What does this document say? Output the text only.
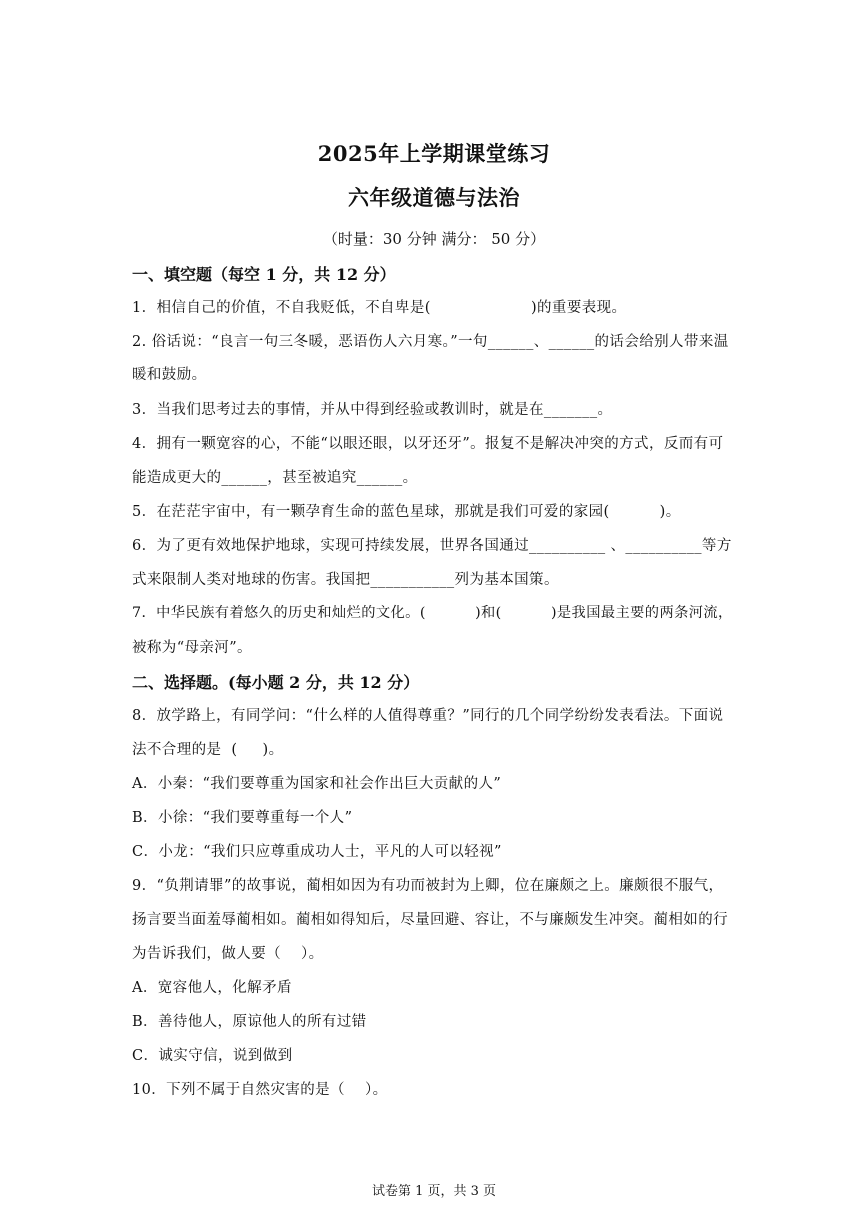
2025年上学期课堂练习
六年级道德与法治
（时量：30 分钟 满分： 50 分）
一、填空题（每空 1 分，共 12 分）
1．相信自己的价值，不自我贬低，不自卑是(                    )的重要表现。
2. 俗话说：“良言一句三冬暖，恶语伤人六月寒。”一句______、______的话会给别人带来温
暖和鼓励。
3．当我们思考过去的事情，并从中得到经验或教训时，就是在_______。
4．拥有一颗宽容的心，不能“以眼还眼，以牙还牙”。报复不是解决冲突的方式，反而有可
能造成更大的______，甚至被追究______。
5．在茫茫宇宙中，有一颗孕育生命的蓝色星球，那就是我们可爱的家园(          )。
6．为了更有效地保护地球，实现可持续发展，世界各国通过__________ 、__________等方
式来限制人类对地球的伤害。我国把___________列为基本国策。
7．中华民族有着悠久的历史和灿烂的文化。(          )和(          )是我国最主要的两条河流，
被称为“母亲河”。
二、选择题。(每小题 2 分，共 12 分）
8．放学路上，有同学问：“什么样的人值得尊重？”同行的几个同学纷纷发表看法。下面说
法不合理的是  (     )。
A．小秦：“我们要尊重为国家和社会作出巨大贡献的人”
B．小徐：“我们要尊重每一个人”
C．小龙：“我们只应尊重成功人士，平凡的人可以轻视”
9．“负荆请罪”的故事说，蔺相如因为有功而被封为上卿，位在廉颇之上。廉颇很不服气，
扬言要当面羞辱蔺相如。蔺相如得知后，尽量回避、容让，不与廉颇发生冲突。蔺相如的行
为告诉我们，做人要（    ）。
A．宽容他人，化解矛盾
B．善待他人，原谅他人的所有过错
C．诚实守信，说到做到
10．下列不属于自然灾害的是（    ）。
试卷第 1 页，共 3 页
